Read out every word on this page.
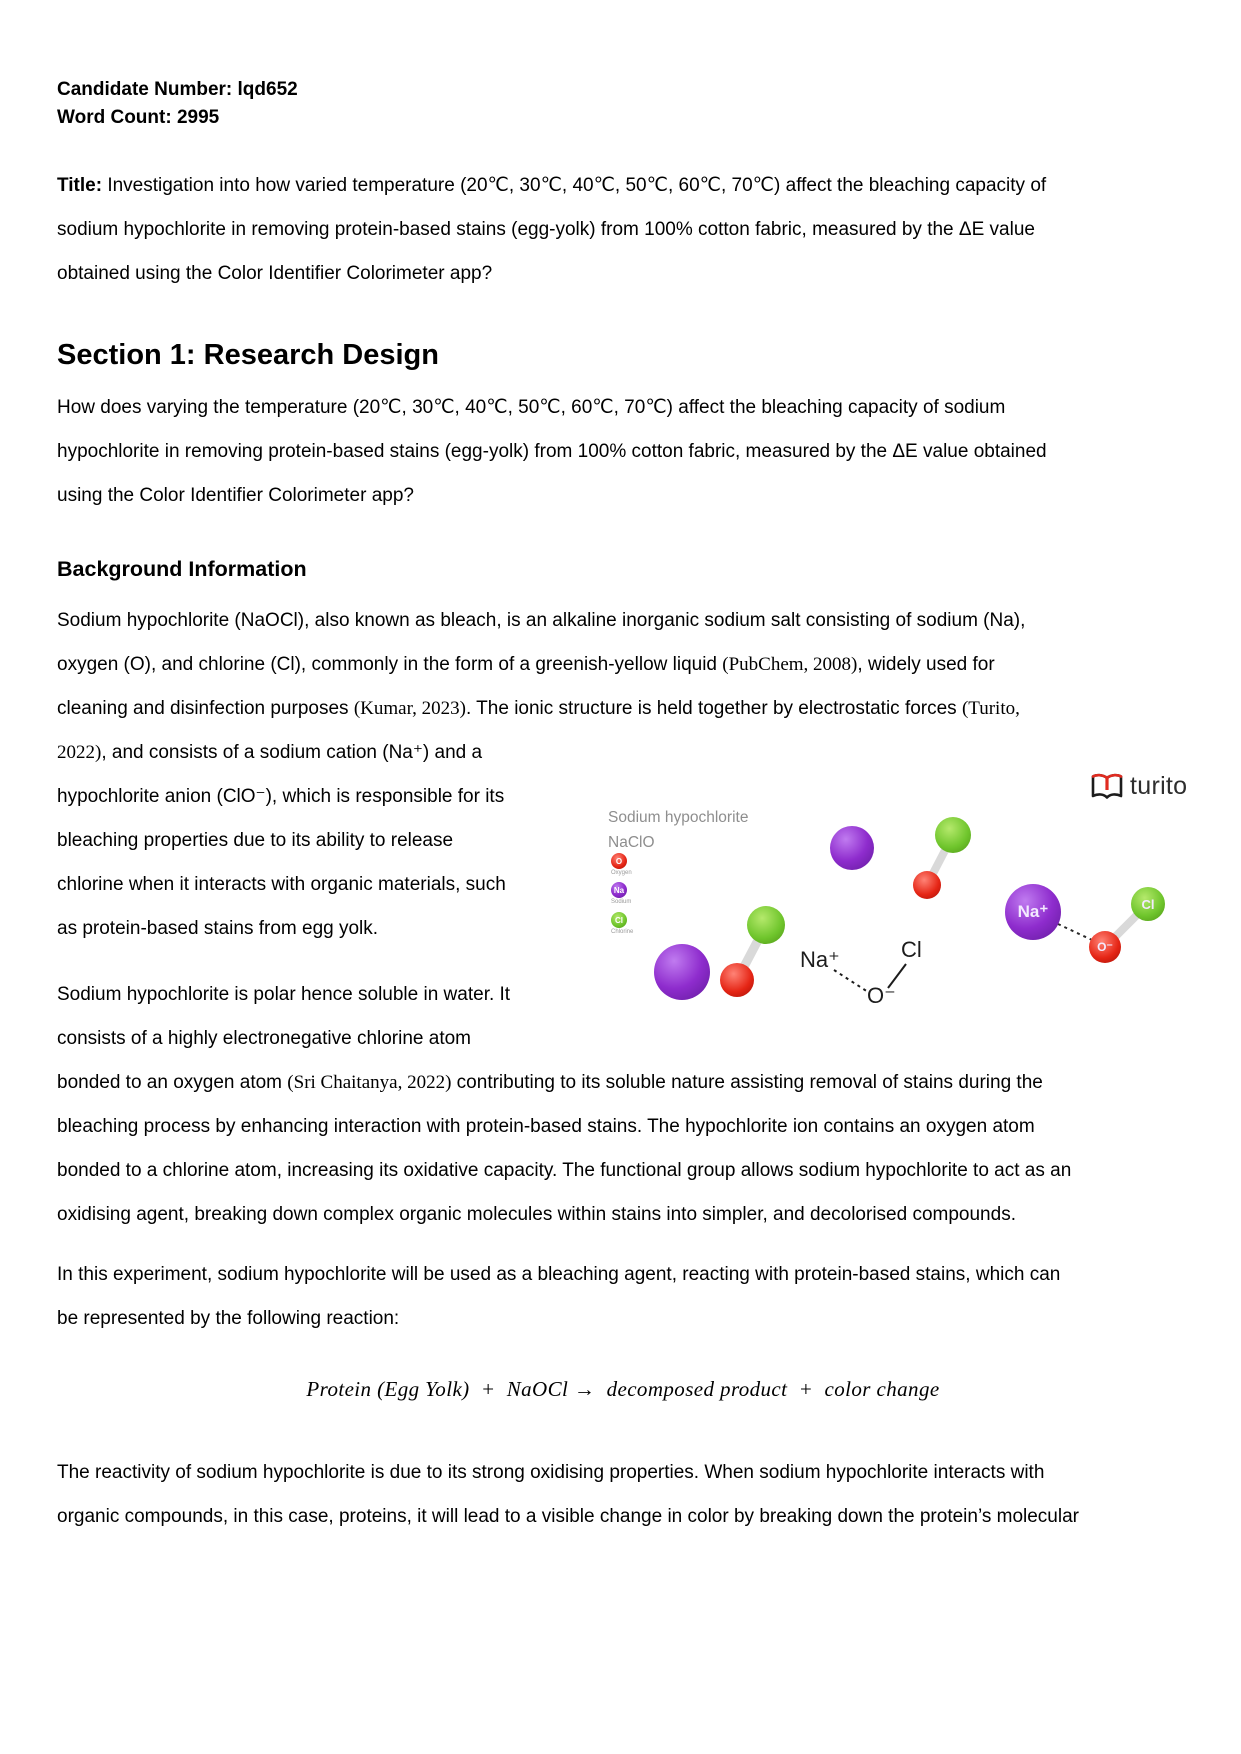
Candidate Number: lqd652
Word Count: 2995

Title: Investigation into how varied temperature (20℃, 30℃, 40℃, 50℃, 60℃, 70℃) affect the bleaching capacity of
sodium hypochlorite in removing protein-based stains (egg-yolk) from 100% cotton fabric, measured by the ΔE value
obtained using the Color Identifier Colorimeter app?

Section 1: Research Design

How does varying the temperature (20℃, 30℃, 40℃, 50℃, 60℃, 70℃) affect the bleaching capacity of sodium
hypochlorite in removing protein-based stains (egg-yolk) from 100% cotton fabric, measured by the ΔE value obtained
using the Color Identifier Colorimeter app?

Background Information

Sodium hypochlorite (NaOCl), also known as bleach, is an alkaline inorganic sodium salt consisting of sodium (Na),
oxygen (O), and chlorine (Cl), commonly in the form of a greenish-yellow liquid (PubChem, 2008), widely used for
cleaning and disinfection purposes (Kumar, 2023). The ionic structure is held together by electrostatic forces (Turito,

2022), and consists of a sodium cation (Na⁺) and a
hypochlorite anion (ClO⁻), which is responsible for its
bleaching properties due to its ability to release
chlorine when it interacts with organic materials, such
as protein-based stains from egg yolk.

Sodium hypochlorite is polar hence soluble in water. It
consists of a highly electronegative chlorine atom

bonded to an oxygen atom (Sri Chaitanya, 2022) contributing to its soluble nature assisting removal of stains during the
bleaching process by enhancing interaction with protein-based stains. The hypochlorite ion contains an oxygen atom
bonded to a chlorine atom, increasing its oxidative capacity. The functional group allows sodium hypochlorite to act as an
oxidising agent, breaking down complex organic molecules within stains into simpler, and decolorised compounds.

In this experiment, sodium hypochlorite will be used as a bleaching agent, reacting with protein-based stains, which can
be represented by the following reaction:

Protein (Egg Yolk)  +  NaOCl →  decomposed product  +  color change

The reactivity of sodium hypochlorite is due to its strong oxidising properties. When sodium hypochlorite interacts with
organic compounds, in this case, proteins, it will lead to a visible change in color by breaking down the protein’s molecular

Sodium hypochlorite
NaClO
O
Oxygen
Na
Sodium
Cl
Chlorine
Na⁺
O⁻
Cl
Na⁺
O⁻
Cl
turito
